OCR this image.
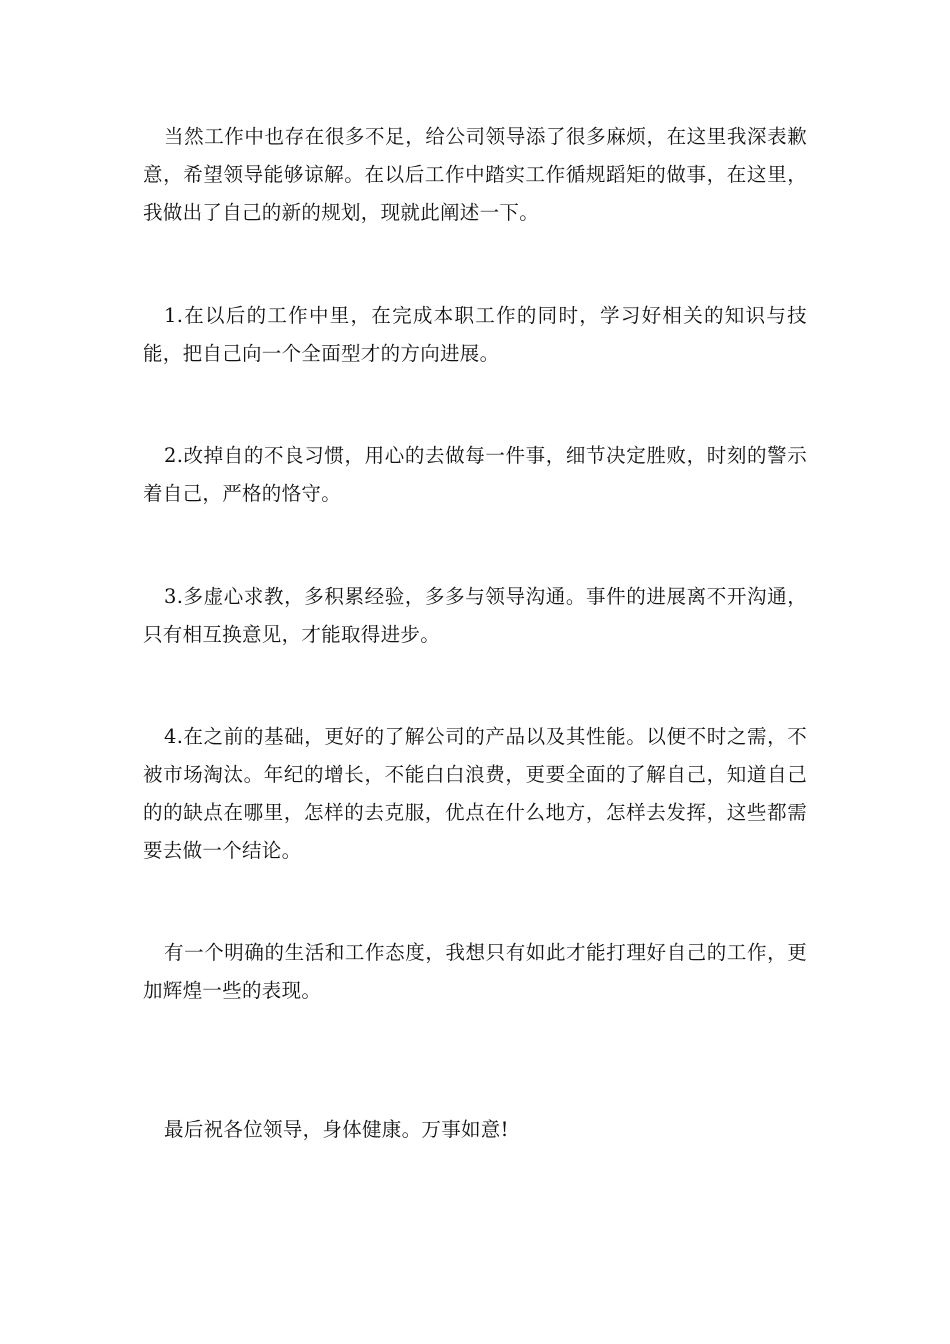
当然工作中也存在很多不足，给公司领导添了很多麻烦，在这里我深表歉意，希望领导能够谅解。在以后工作中踏实工作循规蹈矩的做事，在这里，我做出了自己的新的规划，现就此阐述一下。

1.在以后的工作中里，在完成本职工作的同时，学习好相关的知识与技能，把自己向一个全面型才的方向进展。

2.改掉自的不良习惯，用心的去做每一件事，细节决定胜败，时刻的警示着自己，严格的恪守。

3.多虚心求教，多积累经验，多多与领导沟通。事件的进展离不开沟通，只有相互换意见，才能取得进步。

4.在之前的基础，更好的了解公司的产品以及其性能。以便不时之需，不被市场淘汰。年纪的增长，不能白白浪费，更要全面的了解自己，知道自己的的缺点在哪里，怎样的去克服，优点在什么地方，怎样去发挥，这些都需要去做一个结论。

有一个明确的生活和工作态度，我想只有如此才能打理好自己的工作，更加辉煌一些的表现。

最后祝各位领导，身体健康。万事如意!
